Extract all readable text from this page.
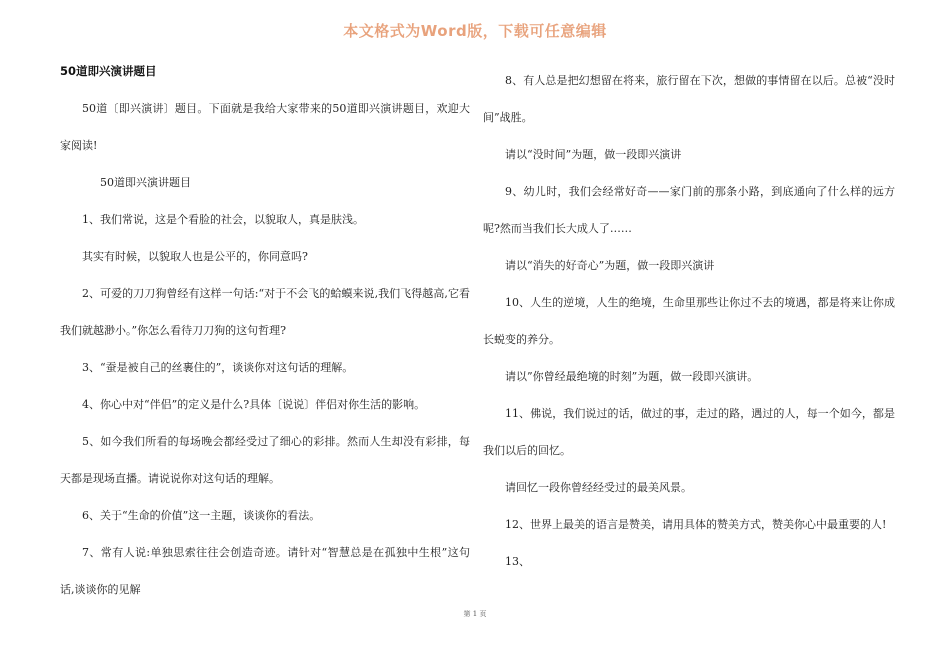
本文格式为Word版，下载可任意编辑
50道即兴演讲题目

50道〔即兴演讲〕题目。下面就是我给大家带来的50道即兴演讲题目，欢迎大家阅读!

50道即兴演讲题目

1、我们常说，这是个看脸的社会，以貌取人，真是肤浅。

其实有时候，以貌取人也是公平的，你同意吗?

2、可爱的刀刀狗曾经有这样一句话:“对于不会飞的蛤蟆来说,我们飞得越高,它看我们就越渺小。”你怎么看待刀刀狗的这句哲理?

3、“蚕是被自己的丝裹住的”，谈谈你对这句话的理解。

4、你心中对“伴侣”的定义是什么?具体〔说说〕伴侣对你生活的影响。

5、如今我们所看的每场晚会都经受过了细心的彩排。然而人生却没有彩排，每天都是现场直播。请说说你对这句话的理解。

6、关于“生命的价值”这一主题，谈谈你的看法。

7、常有人说:单独思索往往会创造奇迹。请针对“智慧总是在孤独中生根”这句话,谈谈你的见解

8、有人总是把幻想留在将来，旅行留在下次，想做的事情留在以后。总被“没时间”战胜。

请以“没时间”为题，做一段即兴演讲

9、幼儿时，我们会经常好奇——家门前的那条小路，到底通向了什么样的远方呢?然而当我们长大成人了……

请以“消失的好奇心”为题，做一段即兴演讲

10、人生的逆境，人生的绝境，生命里那些让你过不去的境遇，都是将来让你成长蜕变的养分。

请以”你曾经最绝境的时刻”为题，做一段即兴演讲。

11、佛说，我们说过的话，做过的事，走过的路，遇过的人，每一个如今，都是我们以后的回忆。

请回忆一段你曾经经受过的最美风景。

12、世界上最美的语言是赞美，请用具体的赞美方式，赞美你心中最重要的人!

13、

第 1 页
